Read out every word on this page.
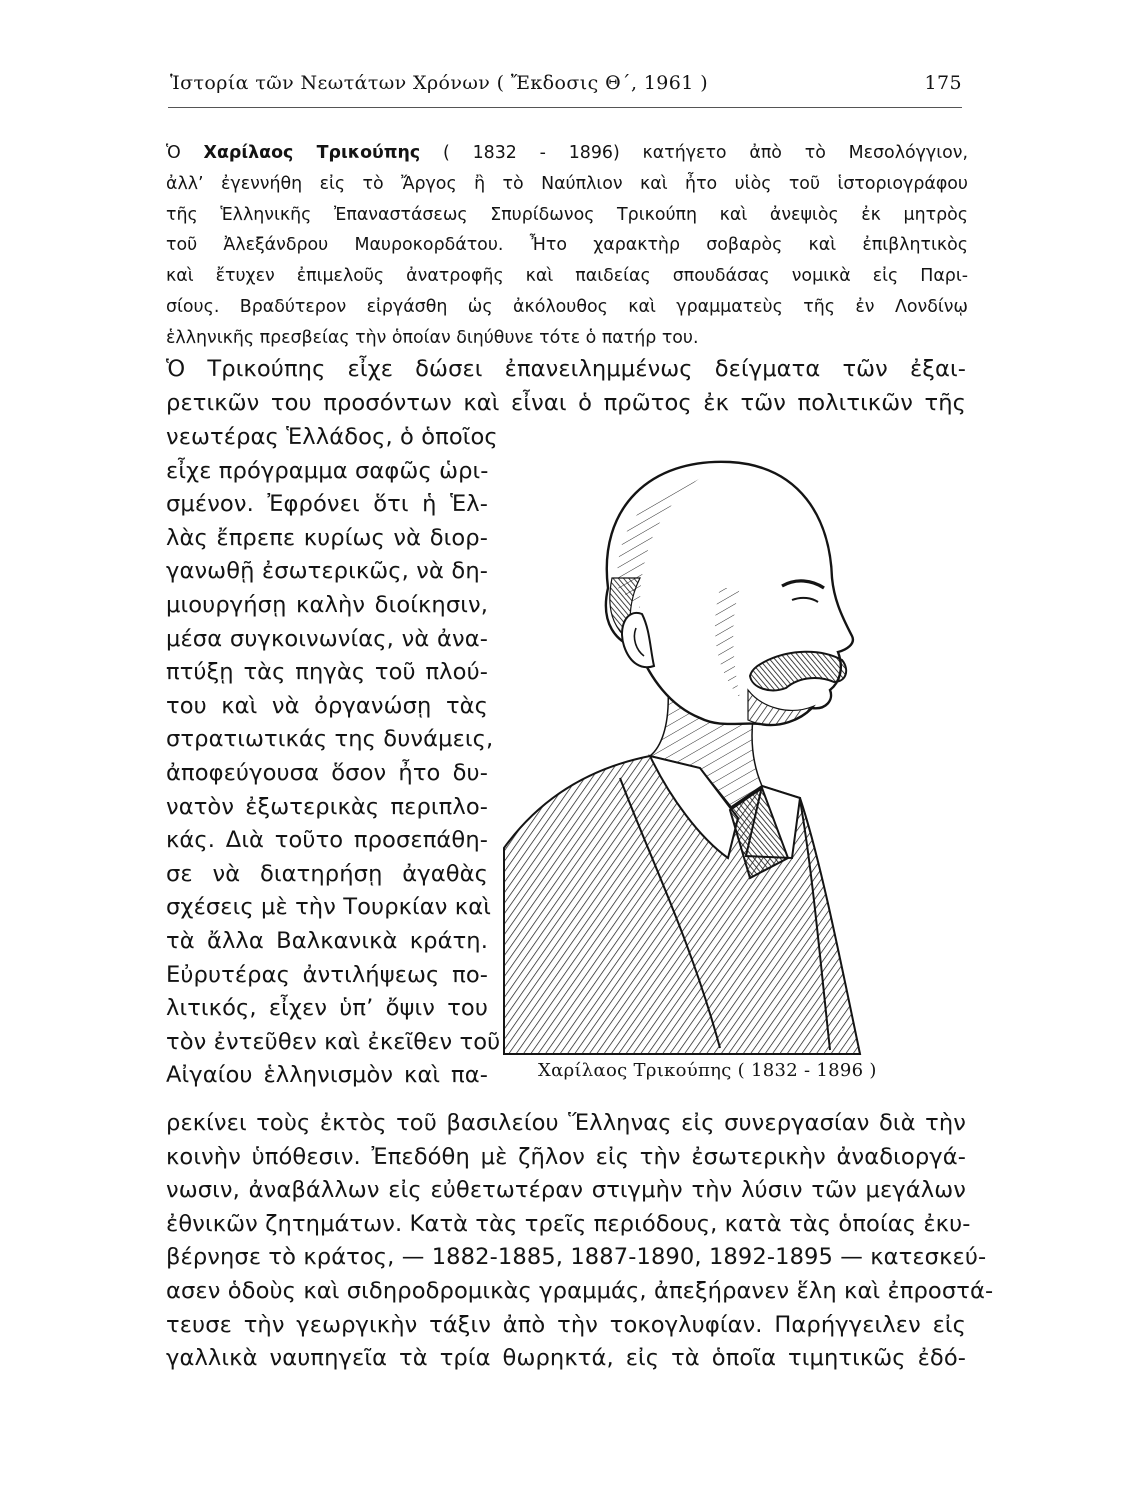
Ἱστορία τῶν Νεωτάτων Χρόνων ( Ἔκδοσις Θ΄, 1961 )	175

Ὁ Χαρίλαος Τρικούπης ( 1832 - 1896) κατήγετο ἀπὸ τὸ Μεσολόγγιον,
ἀλλ’ ἐγεννήθη εἰς τὸ Ἄργος ἢ τὸ Ναύπλιον καὶ ἦτο υἱὸς τοῦ ἱστοριογράφου
τῆς Ἑλληνικῆς Ἐπαναστάσεως Σπυρίδωνος Τρικούπη καὶ ἀνεψιὸς ἐκ μητρὸς
τοῦ Ἀλεξάνδρου Μαυροκορδάτου. Ἦτο χαρακτὴρ σοβαρὸς καὶ ἐπιβλητικὸς
καὶ ἔτυχεν ἐπιμελοῦς ἀνατροφῆς καὶ παιδείας σπουδάσας νομικὰ εἰς Παρι-
σίους. Βραδύτερον εἰργάσθη ὡς ἀκόλουθος καὶ γραμματεὺς τῆς ἐν Λονδίνῳ
ἑλληνικῆς πρεσβείας τὴν ὁποίαν διηύθυνε τότε ὁ πατήρ του.

Ὁ Τρικούπης εἶχε δώσει ἐπανειλημμένως δείγματα τῶν ἐξαι-
ρετικῶν του προσόντων καὶ εἶναι ὁ πρῶτος ἐκ τῶν πολιτικῶν τῆς

νεωτέρας Ἑλλάδος, ὁ ὁποῖος
εἶχε πρόγραμμα σαφῶς ὡρι-
σμένον. Ἐφρόνει ὅτι ἡ Ἑλ-
λὰς ἔπρεπε κυρίως νὰ διορ-
γανωθῇ ἐσωτερικῶς, νὰ δη-
μιουργήσῃ καλὴν διοίκησιν,
μέσα συγκοινωνίας, νὰ ἀνα-
πτύξῃ τὰς πηγὰς τοῦ πλού-
του καὶ νὰ ὀργανώσῃ τὰς
στρατιωτικάς της δυνάμεις,
ἀποφεύγουσα ὅσον ἦτο δυ-
νατὸν ἐξωτερικὰς περιπλο-
κάς. Διὰ τοῦτο προσεπάθη-
σε νὰ διατηρήσῃ ἀγαθὰς
σχέσεις μὲ τὴν Τουρκίαν καὶ
τὰ ἄλλα Βαλκανικὰ κράτη.
Εὐρυτέρας ἀντιλήψεως πο-
λιτικός, εἶχεν ὑπ’ ὄψιν του
τὸν ἐντεῦθεν καὶ ἐκεῖθεν τοῦ
Αἰγαίου ἑλληνισμὸν καὶ πα-	Χαρίλαος Τρικούπης ( 1832 - 1896 )

ρεκίνει τοὺς ἐκτὸς τοῦ βασιλείου Ἕλληνας εἰς συνεργασίαν διὰ τὴν
κοινὴν ὑπόθεσιν. Ἐπεδόθη μὲ ζῆλον εἰς τὴν ἐσωτερικὴν ἀναδιοργά-
νωσιν, ἀναβάλλων εἰς εὐθετωτέραν στιγμὴν τὴν λύσιν τῶν μεγάλων
ἐθνικῶν ζητημάτων. Κατὰ τὰς τρεῖς περιόδους, κατὰ τὰς ὁποίας ἐκυ-
βέρνησε τὸ κράτος, — 1882-1885, 1887-1890, 1892-1895 — κατεσκεύ-
ασεν ὁδοὺς καὶ σιδηροδρομικὰς γραμμάς, ἀπεξήρανεν ἕλη καὶ ἐπροστά-
τευσε τὴν γεωργικὴν τάξιν ἀπὸ τὴν τοκογλυφίαν. Παρήγγειλεν εἰς
γαλλικὰ ναυπηγεῖα τὰ τρία θωρηκτά, εἰς τὰ ὁποῖα τιμητικῶς ἐδό-
